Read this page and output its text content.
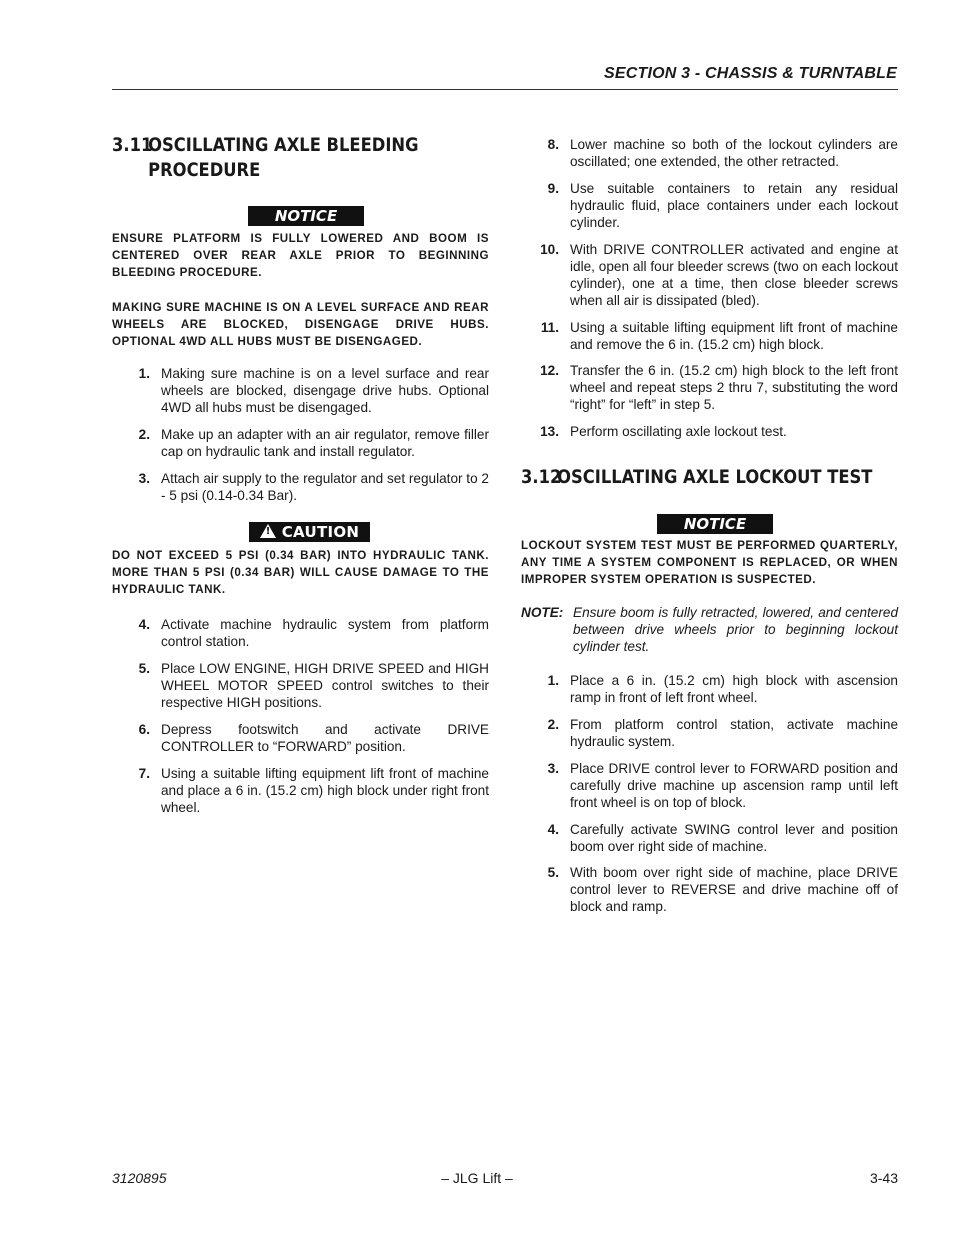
SECTION 3 - CHASSIS & TURNTABLE
3.11OSCILLATING AXLE BLEEDING
PROCEDURE
NOTICE
ENSURE PLATFORM IS FULLY LOWERED AND BOOM IS CENTERED OVER REAR AXLE PRIOR TO BEGINNING BLEEDING PROCEDURE.
MAKING SURE MACHINE IS ON A LEVEL SURFACE AND REAR WHEELS ARE BLOCKED, DISENGAGE DRIVE HUBS. OPTIONAL 4WD ALL HUBS MUST BE DISENGAGED.
1. Making sure machine is on a level surface and rear wheels are blocked, disengage drive hubs. Optional 4WD all hubs must be disengaged.
2. Make up an adapter with an air regulator, remove filler cap on hydraulic tank and install regulator.
3. Attach air supply to the regulator and set regulator to 2 - 5 psi (0.14-0.34 Bar).
! CAUTION
DO NOT EXCEED 5 PSI (0.34 BAR) INTO HYDRAULIC TANK. MORE THAN 5 PSI (0.34 BAR) WILL CAUSE DAMAGE TO THE HYDRAULIC TANK.
4. Activate machine hydraulic system from platform control station.
5. Place LOW ENGINE, HIGH DRIVE SPEED and HIGH WHEEL MOTOR SPEED control switches to their respective HIGH positions.
6. Depress footswitch and activate DRIVE CONTROLLER to “FORWARD” position.
7. Using a suitable lifting equipment lift front of machine and place a 6 in. (15.2 cm) high block under right front wheel.
8. Lower machine so both of the lockout cylinders are oscillated; one extended, the other retracted.
9. Use suitable containers to retain any residual hydraulic fluid, place containers under each lockout cylinder.
10. With DRIVE CONTROLLER activated and engine at idle, open all four bleeder screws (two on each lockout cylinder), one at a time, then close bleeder screws when all air is dissipated (bled).
11. Using a suitable lifting equipment lift front of machine and remove the 6 in. (15.2 cm) high block.
12. Transfer the 6 in. (15.2 cm) high block to the left front wheel and repeat steps 2 thru 7, substituting the word “right” for “left” in step 5.
13. Perform oscillating axle lockout test.
3.12OSCILLATING AXLE LOCKOUT TEST
NOTICE
LOCKOUT SYSTEM TEST MUST BE PERFORMED QUARTERLY, ANY TIME A SYSTEM COMPONENT IS REPLACED, OR WHEN IMPROPER SYSTEM OPERATION IS SUSPECTED.
NOTE: Ensure boom is fully retracted, lowered, and centered between drive wheels prior to beginning lockout cylinder test.
1. Place a 6 in. (15.2 cm) high block with ascension ramp in front of left front wheel.
2. From platform control station, activate machine hydraulic system.
3. Place DRIVE control lever to FORWARD position and carefully drive machine up ascension ramp until left front wheel is on top of block.
4. Carefully activate SWING control lever and position boom over right side of machine.
5. With boom over right side of machine, place DRIVE control lever to REVERSE and drive machine off of block and ramp.
3120895	– JLG Lift –	3-43
